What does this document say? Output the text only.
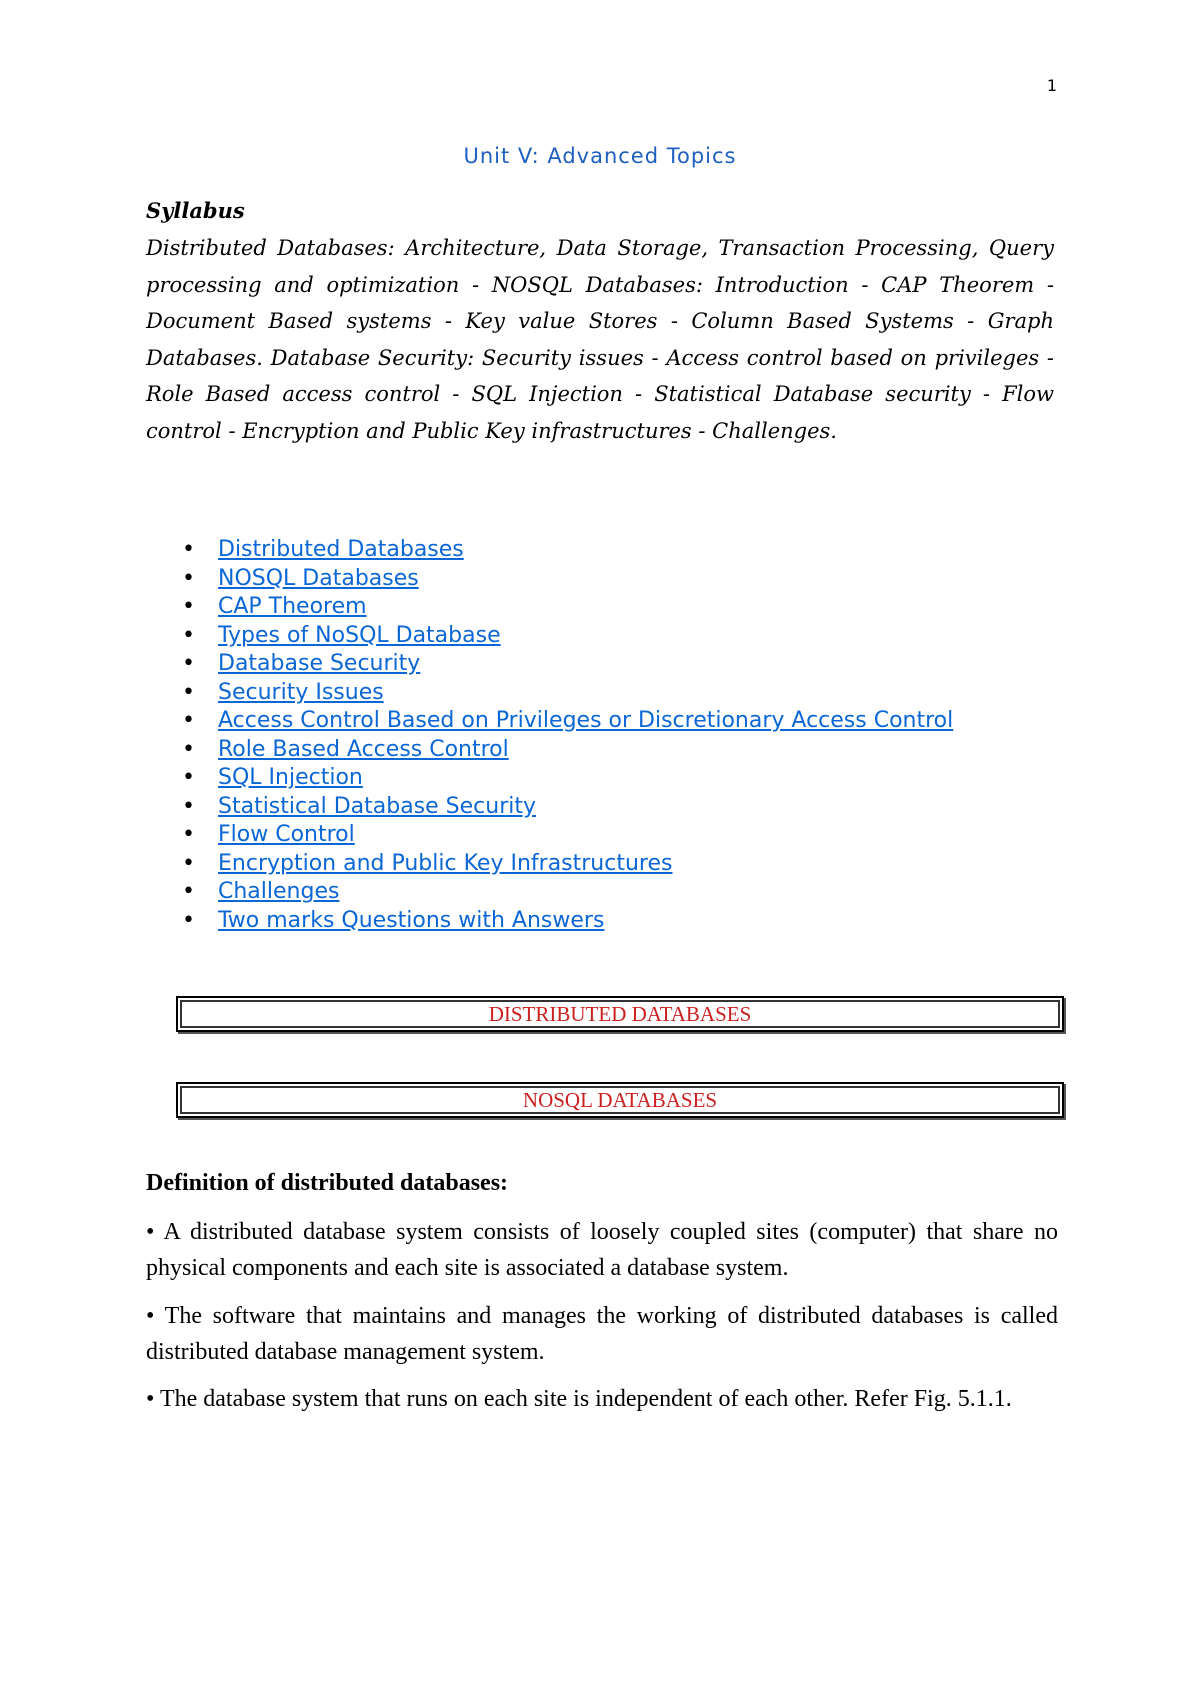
1
Unit V: Advanced Topics
Syllabus

Distributed Databases: Architecture, Data Storage, Transaction Processing, Query processing and optimization - NOSQL Databases: Introduction - CAP Theorem - Document Based systems - Key value Stores - Column Based Systems - Graph Databases. Database Security: Security issues - Access control based on privileges - Role Based access control - SQL Injection - Statistical Database security - Flow control - Encryption and Public Key infrastructures - Challenges.

• Distributed Databases
• NOSQL Databases
• CAP Theorem
• Types of NoSQL Database
• Database Security
• Security Issues
• Access Control Based on Privileges or Discretionary Access Control
• Role Based Access Control
• SQL Injection
• Statistical Database Security
• Flow Control
• Encryption and Public Key Infrastructures
• Challenges
• Two marks Questions with Answers
DISTRIBUTED DATABASES
NOSQL DATABASES
Definition of distributed databases:

• A distributed database system consists of loosely coupled sites (computer) that share no physical components and each site is associated a database system.

• The software that maintains and manages the working of distributed databases is called distributed database management system.

• The database system that runs on each site is independent of each other. Refer Fig. 5.1.1.
